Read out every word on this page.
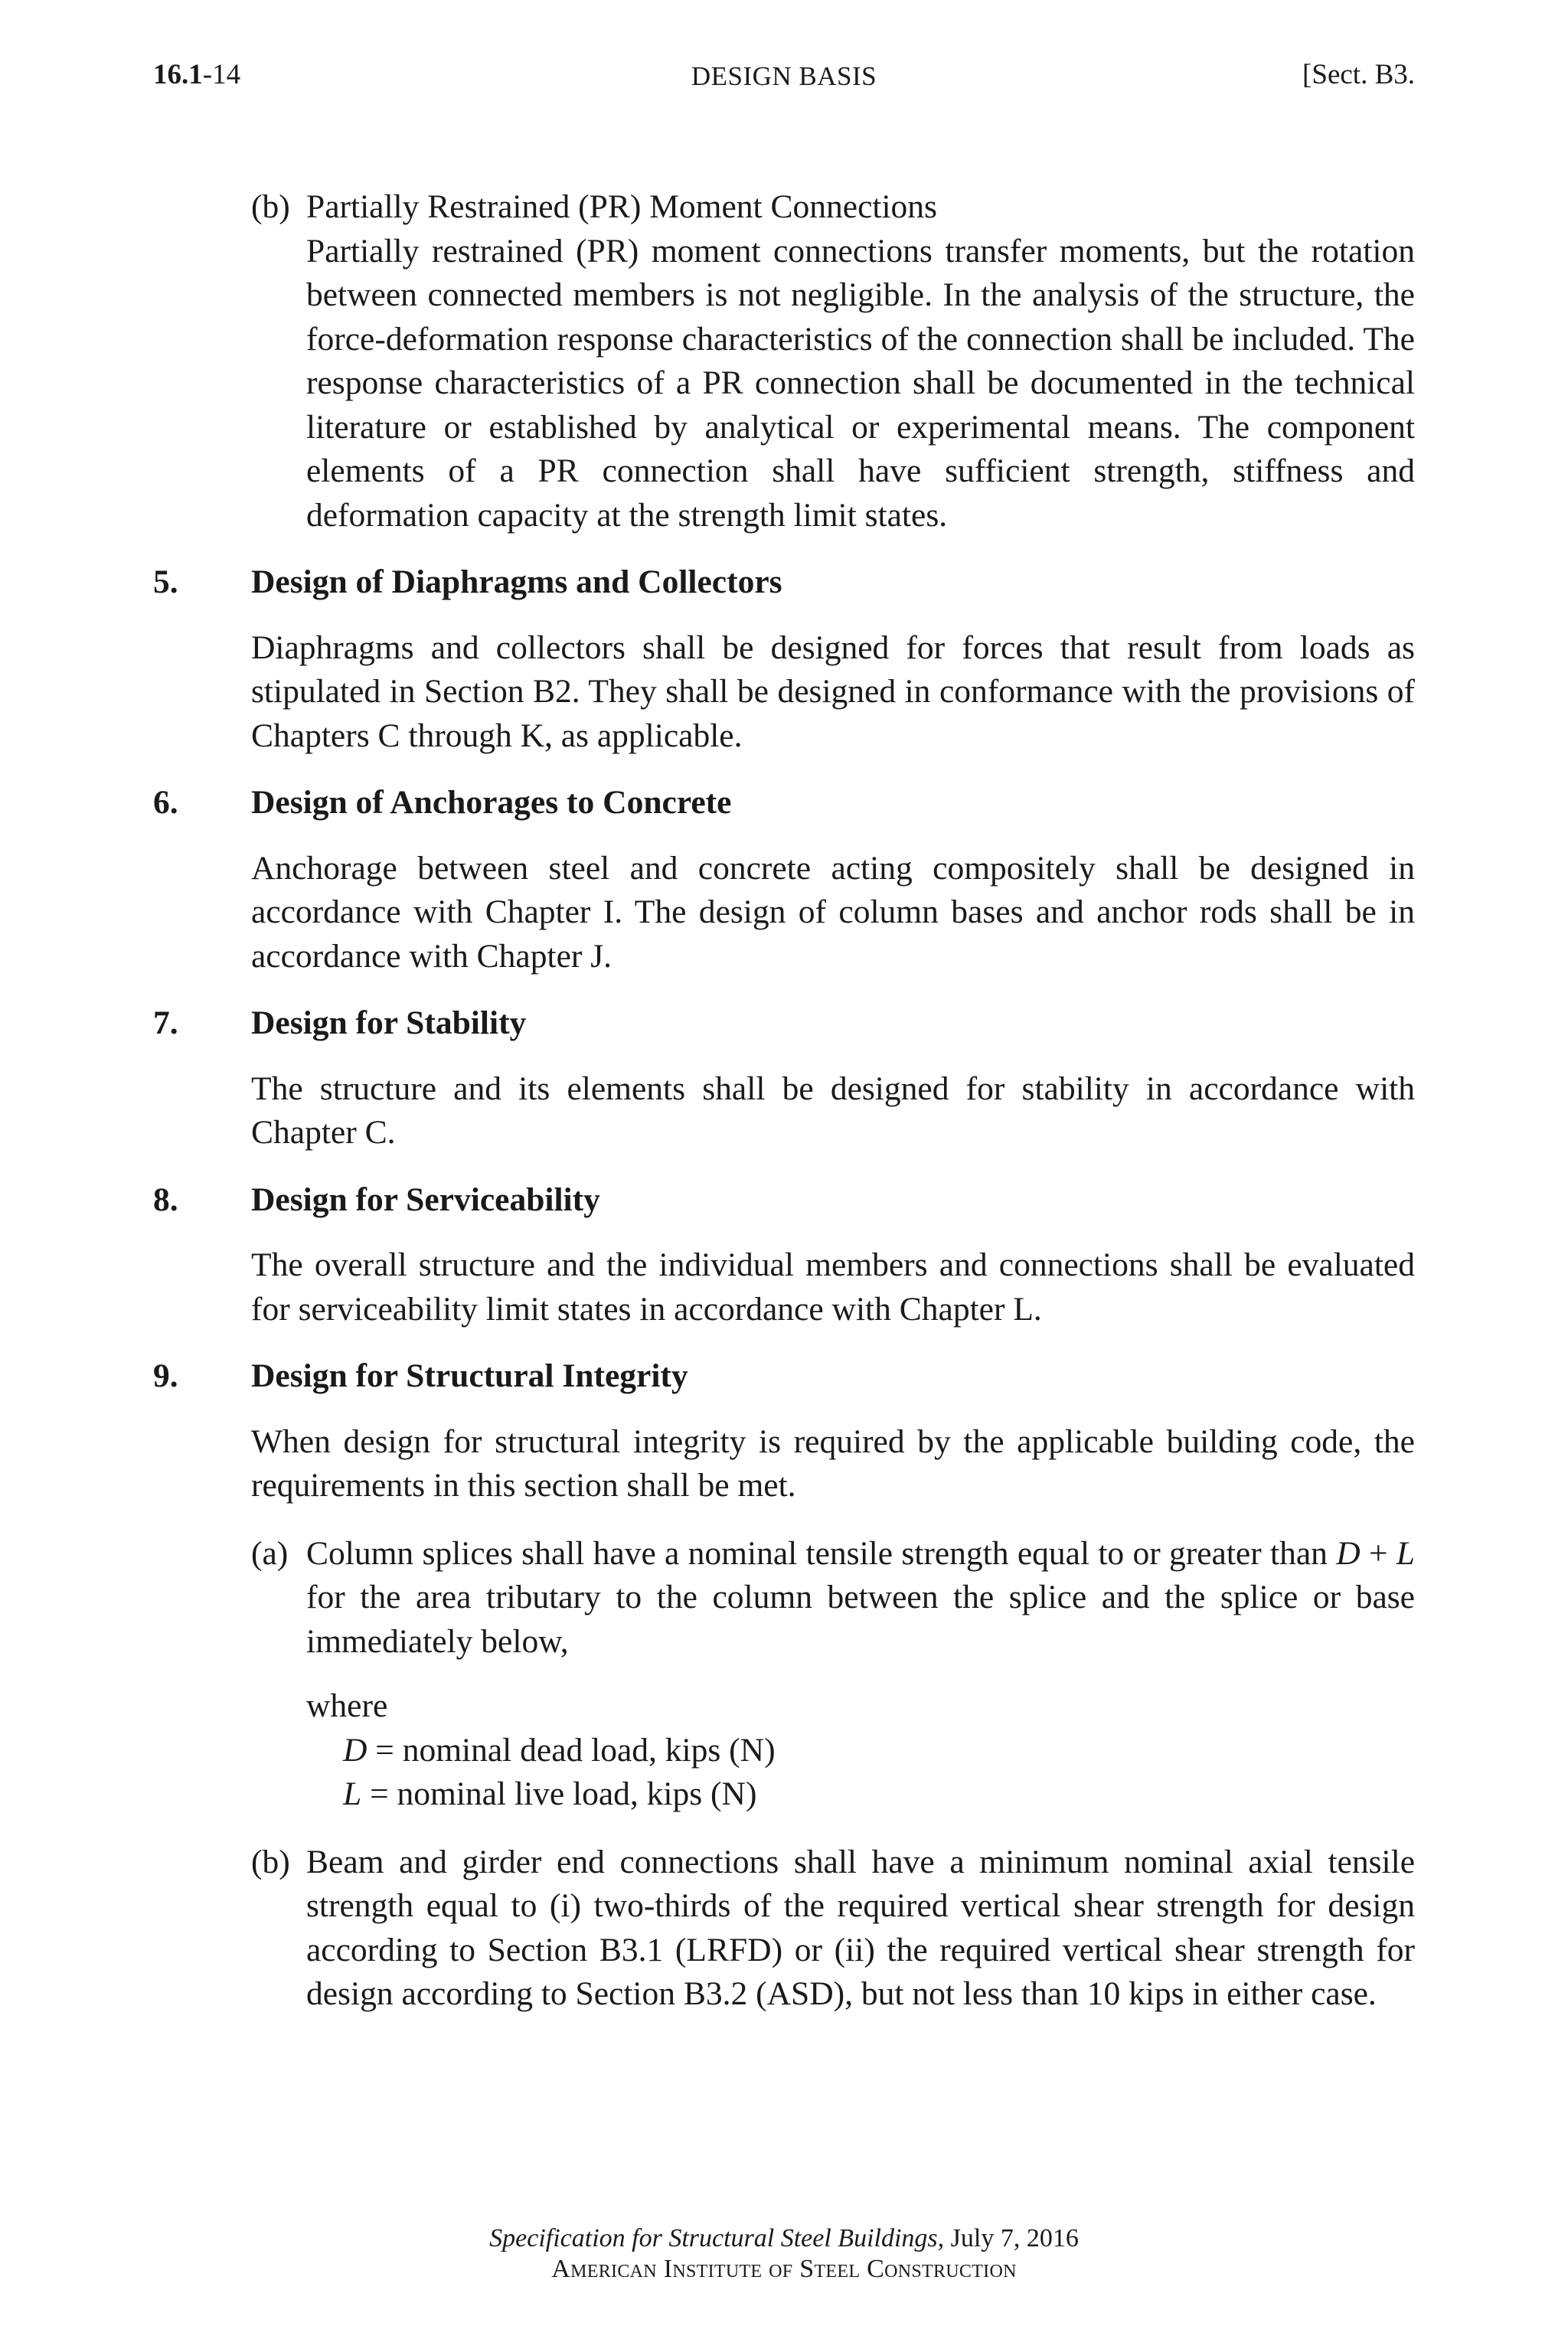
16.1-14	DESIGN BASIS	[Sect. B3.
(b) Partially Restrained (PR) Moment Connections

Partially restrained (PR) moment connections transfer moments, but the rotation between connected members is not negligible. In the analysis of the structure, the force-deformation response characteristics of the connection shall be included. The response characteristics of a PR connection shall be documented in the technical literature or established by analytical or experimental means. The component elements of a PR connection shall have sufficient strength, stiffness and deformation capacity at the strength limit states.

5. Design of Diaphragms and Collectors

Diaphragms and collectors shall be designed for forces that result from loads as stipulated in Section B2. They shall be designed in conformance with the provisions of Chapters C through K, as applicable.

6. Design of Anchorages to Concrete

Anchorage between steel and concrete acting compositely shall be designed in accordance with Chapter I. The design of column bases and anchor rods shall be in accordance with Chapter J.

7. Design for Stability

The structure and its elements shall be designed for stability in accordance with Chapter C.

8. Design for Serviceability

The overall structure and the individual members and connections shall be evaluated for serviceability limit states in accordance with Chapter L.

9. Design for Structural Integrity

When design for structural integrity is required by the applicable building code, the requirements in this section shall be met.

(a) Column splices shall have a nominal tensile strength equal to or greater than D + L for the area tributary to the column between the splice and the splice or base immediately below,

where

D = nominal dead load, kips (N)

L = nominal live load, kips (N)

(b) Beam and girder end connections shall have a minimum nominal axial tensile strength equal to (i) two-thirds of the required vertical shear strength for design according to Section B3.1 (LRFD) or (ii) the required vertical shear strength for design according to Section B3.2 (ASD), but not less than 10 kips in either case.

Specification for Structural Steel Buildings, July 7, 2016
American Institute of Steel Construction
